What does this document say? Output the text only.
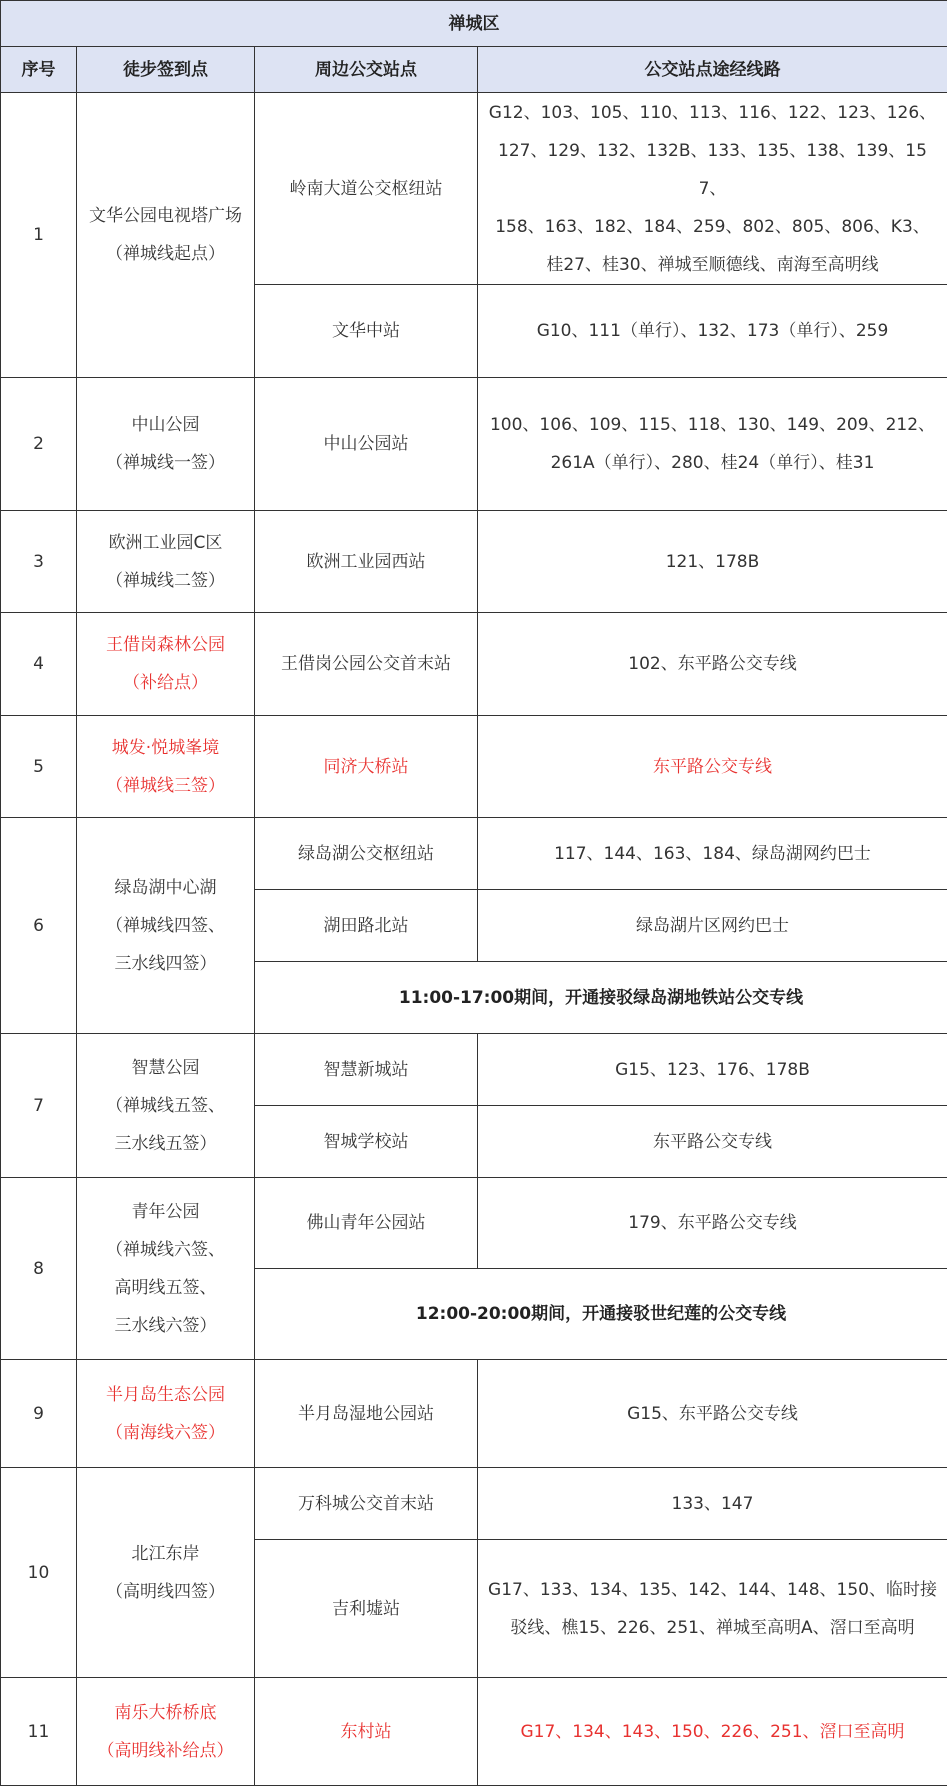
禅城区			
序号	徒步签到点	周边公交站点	公交站点途经线路
1	文华公园电视塔广场
（禅城线起点）	岭南大道公交枢纽站	G12、103、105、110、113、116、122、123、126、
127、129、132、132B、133、135、138、139、157、
158、163、182、184、259、802、805、806、K3、
桂27、桂30、禅城至顺德线、南海至高明线

		文华中站	G10、111（单行）、132、173（单行）、259
2	中山公园
（禅城线一签）	中山公园站	100、106、109、115、118、130、149、209、212、
261A（单行）、280、桂24（单行）、桂31

3	欧洲工业园C区
（禅城线二签）	欧洲工业园西站	121、178B
4	王借岗森林公园
（补给点）	王借岗公园公交首末站	102、东平路公交专线
5	城发·悦城峯境
（禅城线三签）	同济大桥站	东平路公交专线
6	绿岛湖中心湖
（禅城线四签、
三水线四签）	绿岛湖公交枢纽站	117、144、163、184、绿岛湖网约巴士
		湖田路北站	绿岛湖片区网约巴士
		11:00-17:00期间，开通接驳绿岛湖地铁站公交专线	
7	智慧公园
（禅城线五签、
三水线五签）	智慧新城站	G15、123、176、178B
		智城学校站	东平路公交专线
8	青年公园
（禅城线六签、
高明线五签、
三水线六签）	佛山青年公园站	179、东平路公交专线
		12:00-20:00期间，开通接驳世纪莲的公交专线	
9	半月岛生态公园
（南海线六签）	半月岛湿地公园站	G15、东平路公交专线
10	北江东岸
（高明线四签）	万科城公交首末站	133、147
		吉利墟站	G17、133、134、135、142、144、148、150、临时接
驳线、樵15、226、251、禅城至高明A、滘口至高明

11	南乐大桥桥底
（高明线补给点）	东村站	G17、134、143、150、226、251、滘口至高明
